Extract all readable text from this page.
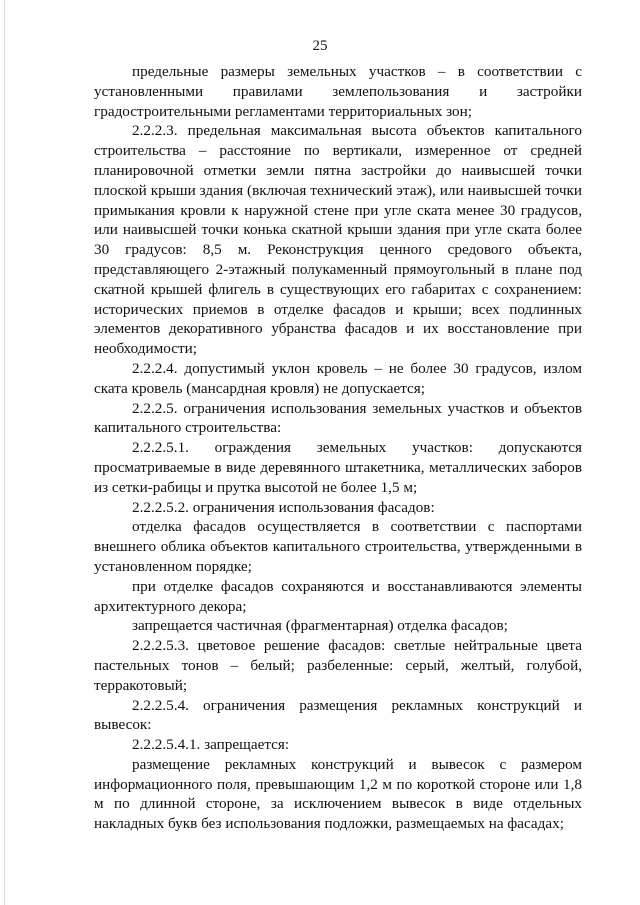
25

предельные размеры земельных участков – в соответствии с установленными правилами землепользования и застройки градостроительными регламентами территориальных зон;

2.2.2.3. предельная максимальная высота объектов капитального строительства – расстояние по вертикали, измеренное от средней планировочной отметки земли пятна застройки до наивысшей точки плоской крыши здания (включая технический этаж), или наивысшей точки примыкания кровли к наружной стене при угле ската менее 30 градусов, или наивысшей точки конька скатной крыши здания при угле ската более 30 градусов: 8,5 м. Реконструкция ценного средового объекта, представляющего 2-этажный полукаменный прямоугольный в плане под скатной крышей флигель в существующих его габаритах с сохранением: исторических приемов в отделке фасадов и крыши; всех подлинных элементов декоративного убранства фасадов и их восстановление при необходимости;

2.2.2.4. допустимый уклон кровель – не более 30 градусов, излом ската кровель (мансардная кровля) не допускается;

2.2.2.5. ограничения использования земельных участков и объектов капитального строительства:

2.2.2.5.1. ограждения земельных участков: допускаются просматриваемые в виде деревянного штакетника, металлических заборов из сетки-рабицы и прутка высотой не более 1,5 м;

2.2.2.5.2. ограничения использования фасадов:

отделка фасадов осуществляется в соответствии с паспортами внешнего облика объектов капитального строительства, утвержденными в установленном порядке;

при отделке фасадов сохраняются и восстанавливаются элементы архитектурного декора;

запрещается частичная (фрагментарная) отделка фасадов;

2.2.2.5.3. цветовое решение фасадов: светлые нейтральные цвета пастельных тонов – белый; разбеленные: серый, желтый, голубой, терракотовый;

2.2.2.5.4. ограничения размещения рекламных конструкций и вывесок:

2.2.2.5.4.1. запрещается:

размещение рекламных конструкций и вывесок с размером информационного поля, превышающим 1,2 м по короткой стороне или 1,8 м по длинной стороне, за исключением вывесок в виде отдельных накладных букв без использования подложки, размещаемых на фасадах;
